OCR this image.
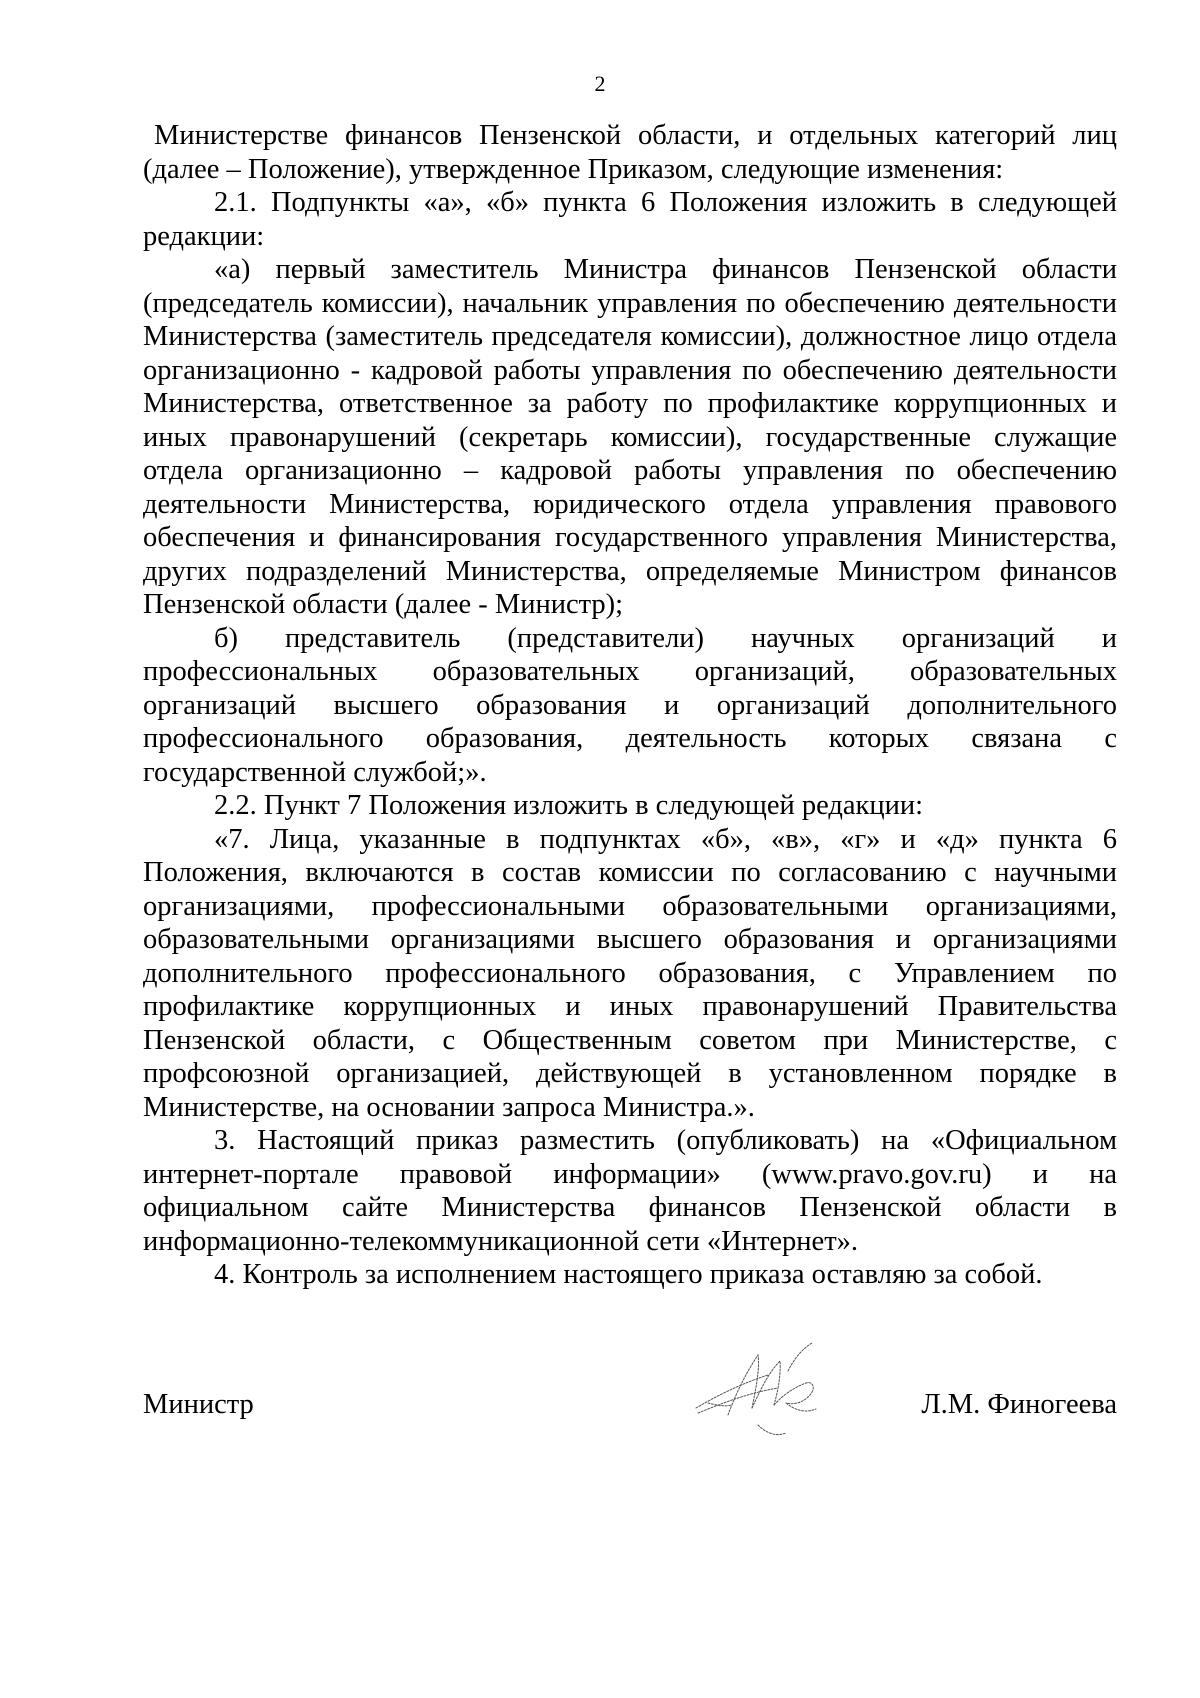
2

Министерстве финансов Пензенской области, и отдельных категорий лиц (далее – Положение), утвержденное Приказом, следующие изменения:

2.1. Подпункты «а», «б» пункта 6 Положения изложить в следующей редакции:

«а) первый заместитель Министра финансов Пензенской области (председатель комиссии), начальник управления по обеспечению деятельности Министерства (заместитель председателя комиссии), должностное лицо отдела организационно - кадровой работы управления по обеспечению деятельности Министерства, ответственное за работу по профилактике коррупционных и иных правонарушений (секретарь комиссии), государственные служащие отдела организационно – кадровой работы управления по обеспечению деятельности Министерства, юридического отдела управления правового обеспечения и финансирования государственного управления Министерства, других подразделений Министерства, определяемые Министром финансов Пензенской области (далее - Министр);

б) представитель (представители) научных организаций и профессиональных образовательных организаций, образовательных организаций высшего образования и организаций дополнительного профессионального образования, деятельность которых связана с государственной службой;».

2.2. Пункт 7 Положения изложить в следующей редакции:

«7. Лица, указанные в подпунктах «б», «в», «г» и «д» пункта 6 Положения, включаются в состав комиссии по согласованию с научными организациями, профессиональными образовательными организациями, образовательными организациями высшего образования и организациями дополнительного профессионального образования, с Управлением по профилактике коррупционных и иных правонарушений Правительства Пензенской области, с Общественным советом при Министерстве, с профсоюзной организацией, действующей в установленном порядке в Министерстве, на основании запроса Министра.».

3. Настоящий приказ разместить (опубликовать) на «Официальном интернет-портале правовой информации» (www.pravo.gov.ru) и на официальном сайте Министерства финансов Пензенской области в информационно-телекоммуникационной сети «Интернет».

4. Контроль за исполнением настоящего приказа оставляю за собой.

Министр	Л.М. Финогеева
